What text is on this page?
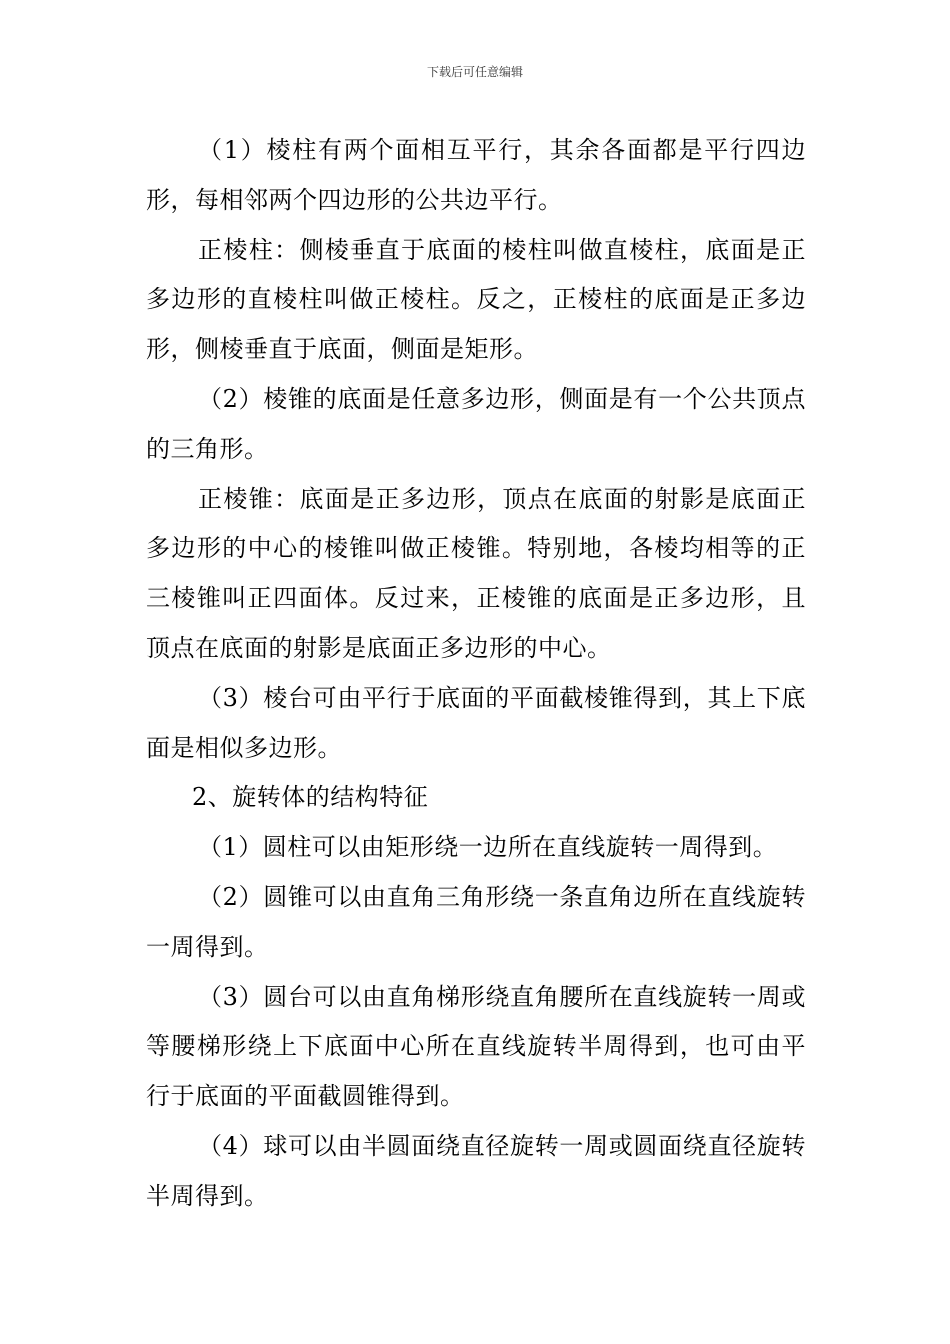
下载后可任意编辑

（1）棱柱有两个面相互平行，其余各面都是平行四边形，每相邻两个四边形的公共边平行。

正棱柱：侧棱垂直于底面的棱柱叫做直棱柱，底面是正多边形的直棱柱叫做正棱柱。反之，正棱柱的底面是正多边形，侧棱垂直于底面，侧面是矩形。

（2）棱锥的底面是任意多边形，侧面是有一个公共顶点的三角形。

正棱锥：底面是正多边形，顶点在底面的射影是底面正多边形的中心的棱锥叫做正棱锥。特别地，各棱均相等的正三棱锥叫正四面体。反过来，正棱锥的底面是正多边形，且顶点在底面的射影是底面正多边形的中心。

（3）棱台可由平行于底面的平面截棱锥得到，其上下底面是相似多边形。

2、旋转体的结构特征

（1）圆柱可以由矩形绕一边所在直线旋转一周得到。

（2）圆锥可以由直角三角形绕一条直角边所在直线旋转一周得到。

（3）圆台可以由直角梯形绕直角腰所在直线旋转一周或等腰梯形绕上下底面中心所在直线旋转半周得到，也可由平行于底面的平面截圆锥得到。

（4）球可以由半圆面绕直径旋转一周或圆面绕直径旋转半周得到。
